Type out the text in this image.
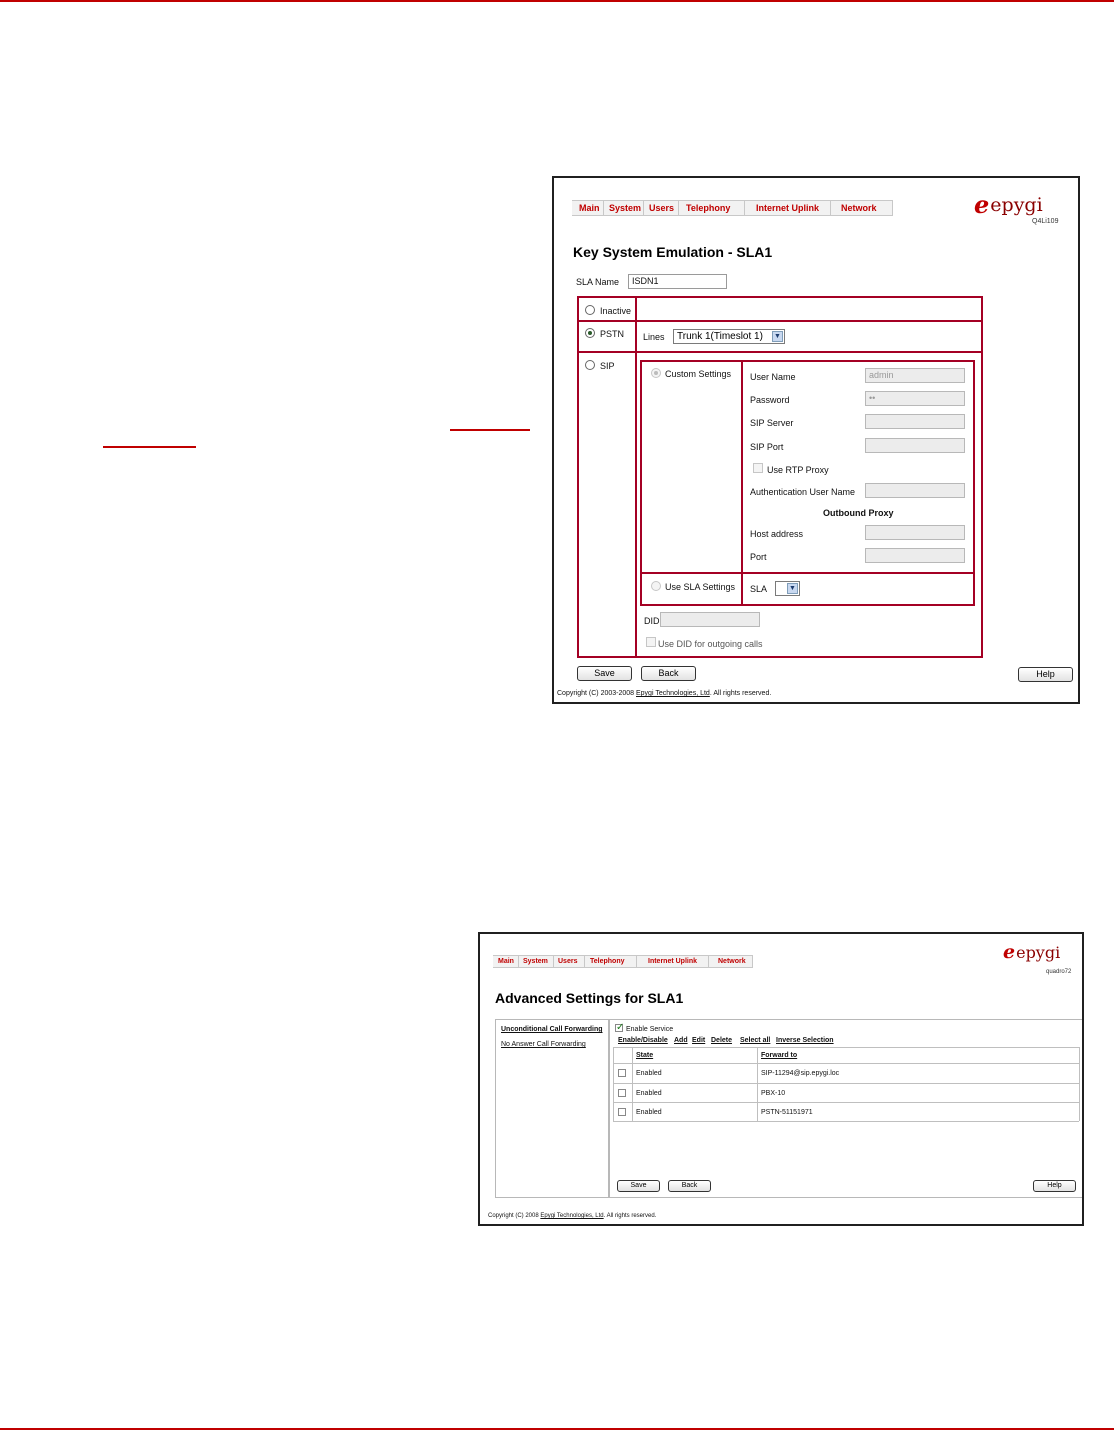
Main	System Users	Telephony	Internet Uplink	Network	e epygi
Q4Li109
Key System Emulation - SLA1
SLA Name	ISDN1
Inactive
PSTN Lines	Trunk 1(Timeslot 1) ▼
SIP
Custom Settings User Name	admin
Password	••
SIP Server
SIP Port
Use RTP Proxy
Authentication User Name
Outbound Proxy
Host address
Port
Use SLA Settings SLA	▼
DID
Use DID for outgoing calls
Save	Back	Help
Copyright (C) 2003-2008 Epygi Technologies, Ltd. All rights reserved.
Main	System	Users	Telephony	Internet Uplink	Network	e epygi
quadro72
Advanced Settings for SLA1
Unconditional Call Forwarding
No Answer Call Forwarding
✓
Enable Service
Enable/Disable Add Edit Delete Select all Inverse Selection
State	Forward to
Enabled	SIP-11294@sip.epygi.loc
Enabled	PBX-10
Enabled	PSTN-51151971
Save	Back	Help
Copyright (C) 2008 Epygi Technologies, Ltd. All rights reserved.
